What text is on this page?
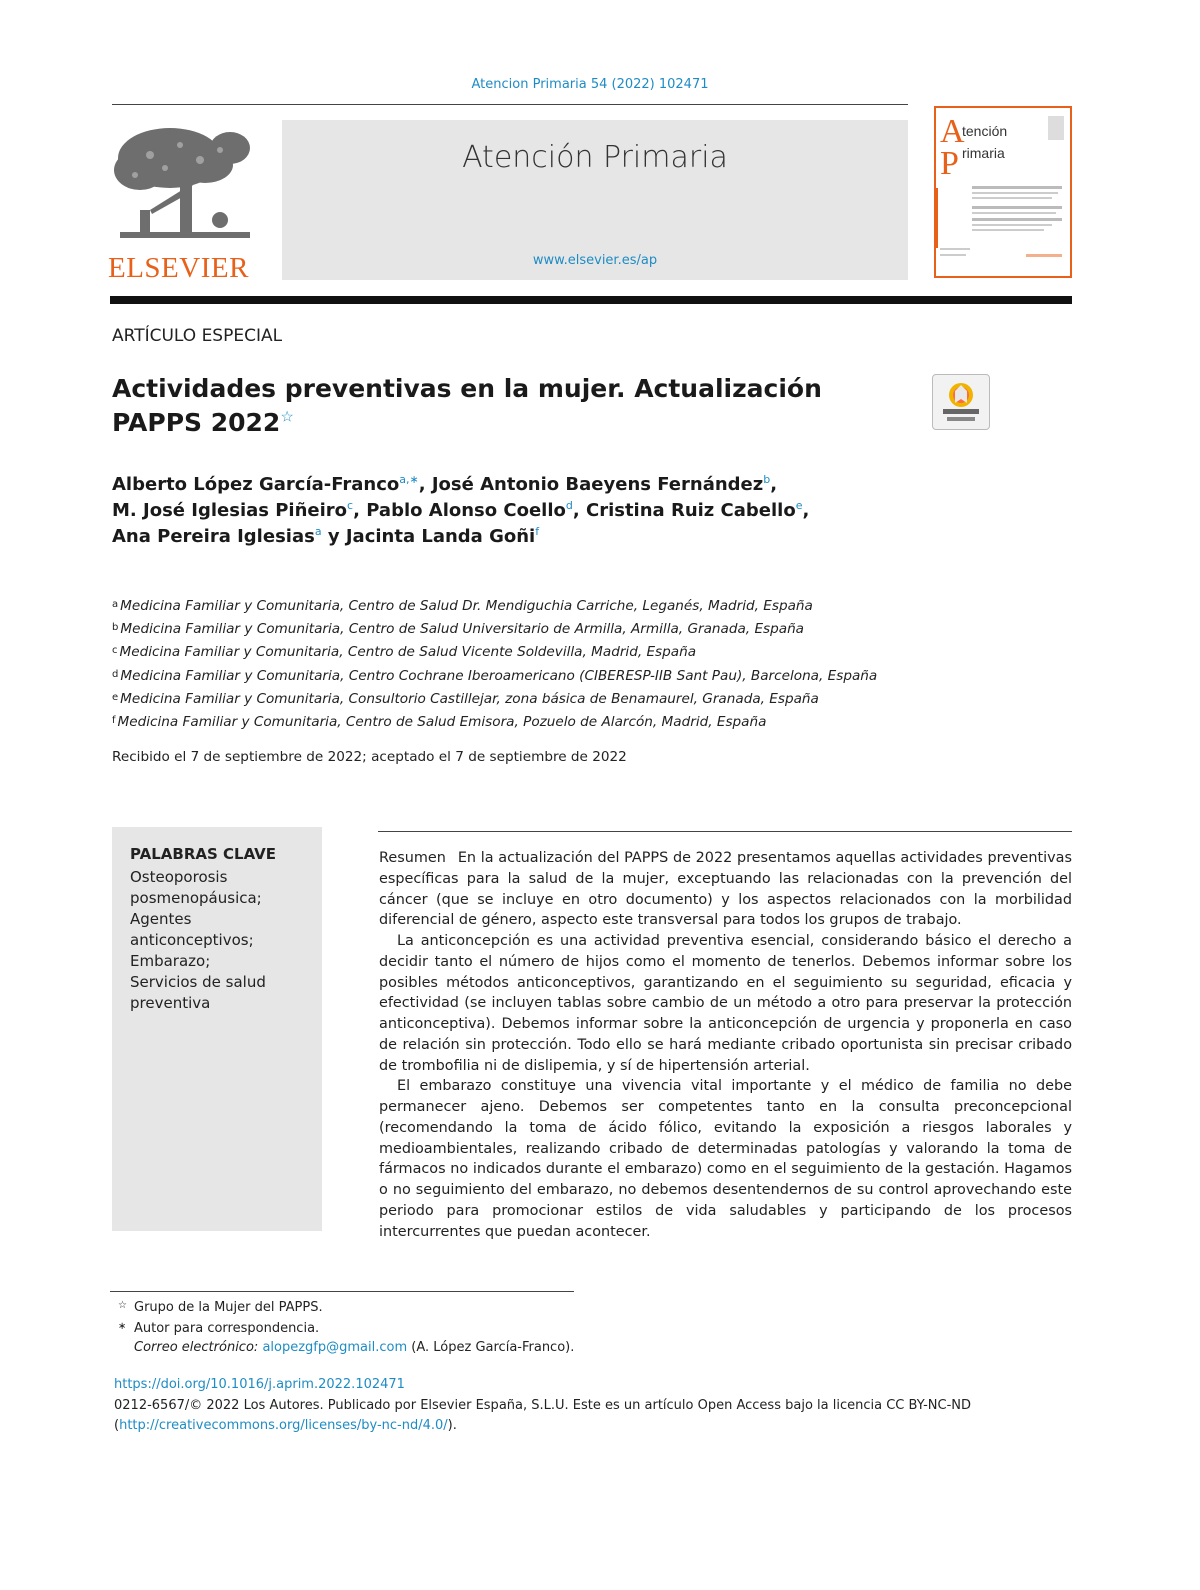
Atencion Primaria 54 (2022) 102471
ELSEVIER
Atención Primaria
www.elsevier.es/ap
A
P
tención
rimaria
ARTÍCULO ESPECIAL
Actividades preventivas en la mujer. Actualización PAPPS 2022☆
Alberto López García-Franco$^{a,∗}$, José Antonio Baeyens Fernández$^b$,
M. José Iglesias Piñeiro$^c$, Pablo Alonso Coello$^d$, Cristina Ruiz Cabello$^e$,
Ana Pereira Iglesias$^a$ y Jacinta Landa Goñi$^f$
$^a$ Medicina Familiar y Comunitaria, Centro de Salud Dr. Mendiguchia Carriche, Leganés, Madrid, España
$^b$ Medicina Familiar y Comunitaria, Centro de Salud Universitario de Armilla, Armilla, Granada, España
$^c$ Medicina Familiar y Comunitaria, Centro de Salud Vicente Soldevilla, Madrid, España
$^d$ Medicina Familiar y Comunitaria, Centro Cochrane Iberoamericano (CIBERESP-IIB Sant Pau), Barcelona, España
$^e$ Medicina Familiar y Comunitaria, Consultorio Castillejar, zona básica de Benamaurel, Granada, España
$^f$ Medicina Familiar y Comunitaria, Centro de Salud Emisora, Pozuelo de Alarcón, Madrid, España
Recibido el 7 de septiembre de 2022; aceptado el 7 de septiembre de 2022
PALABRAS CLAVE
Osteoporosis
posmenopáusica;
Agentes
anticonceptivos;
Embarazo;
Servicios de salud
preventiva

Resumen En la actualización del PAPPS de 2022 presentamos aquellas actividades preventivas específicas para la salud de la mujer, exceptuando las relacionadas con la prevención del cáncer (que se incluye en otro documento) y los aspectos relacionados con la morbilidad diferencial de género, aspecto este transversal para todos los grupos de trabajo.

La anticoncepción es una actividad preventiva esencial, considerando básico el derecho a decidir tanto el número de hijos como el momento de tenerlos. Debemos informar sobre los posibles métodos anticonceptivos, garantizando en el seguimiento su seguridad, eficacia y efectividad (se incluyen tablas sobre cambio de un método a otro para preservar la protección anticonceptiva). Debemos informar sobre la anticoncepción de urgencia y proponerla en caso de relación sin protección. Todo ello se hará mediante cribado oportunista sin precisar cribado de trombofilia ni de dislipemia, y sí de hipertensión arterial.

El embarazo constituye una vivencia vital importante y el médico de familia no debe permanecer ajeno. Debemos ser competentes tanto en la consulta preconcepcional (recomendando la toma de ácido fólico, evitando la exposición a riesgos laborales y medioambientales, realizando cribado de determinadas patologías y valorando la toma de fármacos no indicados durante el embarazo) como en el seguimiento de la gestación. Hagamos o no seguimiento del embarazo, no debemos desentendernos de su control aprovechando este periodo para promocionar estilos de vida saludables y participando de los procesos intercurrentes que puedan acontecer.

☆ Grupo de la Mujer del PAPPS.
∗ Autor para correspondencia.
Correo electrónico: alopezgfp@gmail.com (A. López García-Franco).
https://doi.org/10.1016/j.aprim.2022.102471
0212-6567/© 2022 Los Autores. Publicado por Elsevier España, S.L.U. Este es un artículo Open Access bajo la licencia CC BY-NC-ND (http://creativecommons.org/licenses/by-nc-nd/4.0/).
